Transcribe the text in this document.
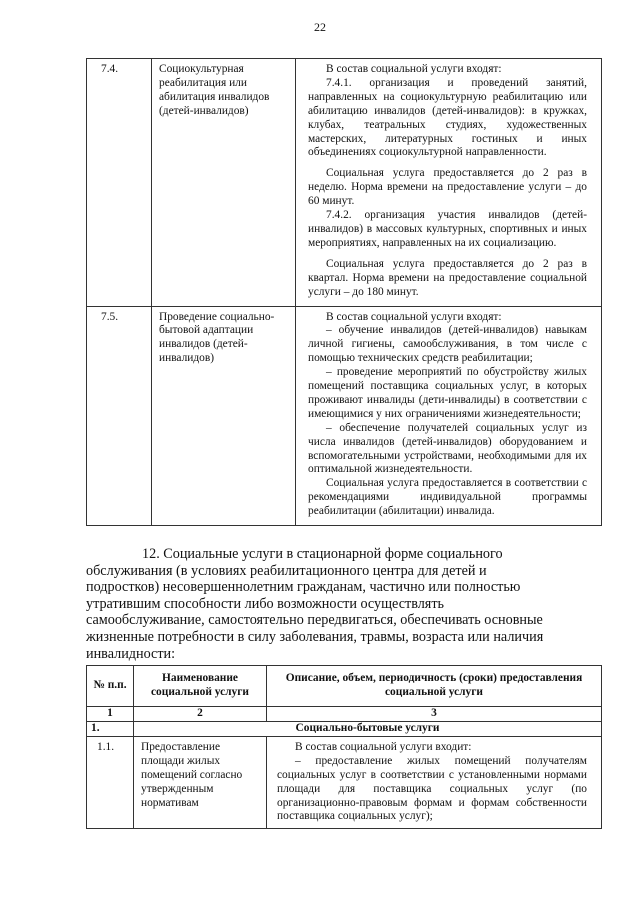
22
7.4.	Социокультурная реабилитация или абилитация инвалидов (детей-инвалидов)	В состав социальной услуги входят:

7.4.1. организация и проведений занятий, направленных на социокультурную реабилитацию или абилитацию инвалидов (детей-инвалидов): в кружках, клубах, театральных студиях, художественных мастерских, литературных гостиных и иных объединениях социокультурной направленности.

Социальная услуга предоставляется до 2 раз в неделю. Норма времени на предоставление услуги – до 60 минут.

7.4.2. организация участия инвалидов (детей-инвалидов) в массовых культурных, спортивных и иных мероприятиях, направленных на их социализацию.

Социальная услуга предоставляется до 2 раз в квартал. Норма времени на предоставление социальной услуги – до 180 минут.

7.5.	Проведение социально-бытовой адаптации инвалидов (детей-инвалидов)	В состав социальной услуги входят:

– обучение инвалидов (детей-инвалидов) навыкам личной гигиены, самообслуживания, в том числе с помощью технических средств реабилитации;

– проведение мероприятий по обустройству жилых помещений поставщика социальных услуг, в которых проживают инвалиды (дети-инвалиды) в соответствии с имеющимися у них ограничениями жизнедеятельности;

– обеспечение получателей социальных услуг из числа инвалидов (детей-инвалидов) оборудованием и вспомогательными устройствами, необходимыми для их оптимальной жизнедеятельности.

Социальная услуга предоставляется в соответствии с рекомендациями индивидуальной программы реабилитации (абилитации) инвалида.

12. Социальные услуги в стационарной форме социального
обслуживания (в условиях реабилитационного центра для детей и
подростков) несовершеннолетним гражданам, частично или полностью
утратившим способности либо возможности осуществлять
самообслуживание, самостоятельно передвигаться, обеспечивать основные
жизненные потребности в силу заболевания, травмы, возраста или наличия
инвалидности:
№ п.п.	Наименование социальной услуги	Описание, объем, периодичность (сроки) предоставления социальной услуги
1	2	3
1.	Социально-бытовые услуги	
1.1.	Предоставление площади жилых помещений согласно утвержденным нормативам	В состав социальной услуги входит:

– предоставление жилых помещений получателям социальных услуг в соответствии с установленными нормами площади для поставщика социальных услуг (по организационно-правовым формам и формам собственности поставщика социальных услуг);
